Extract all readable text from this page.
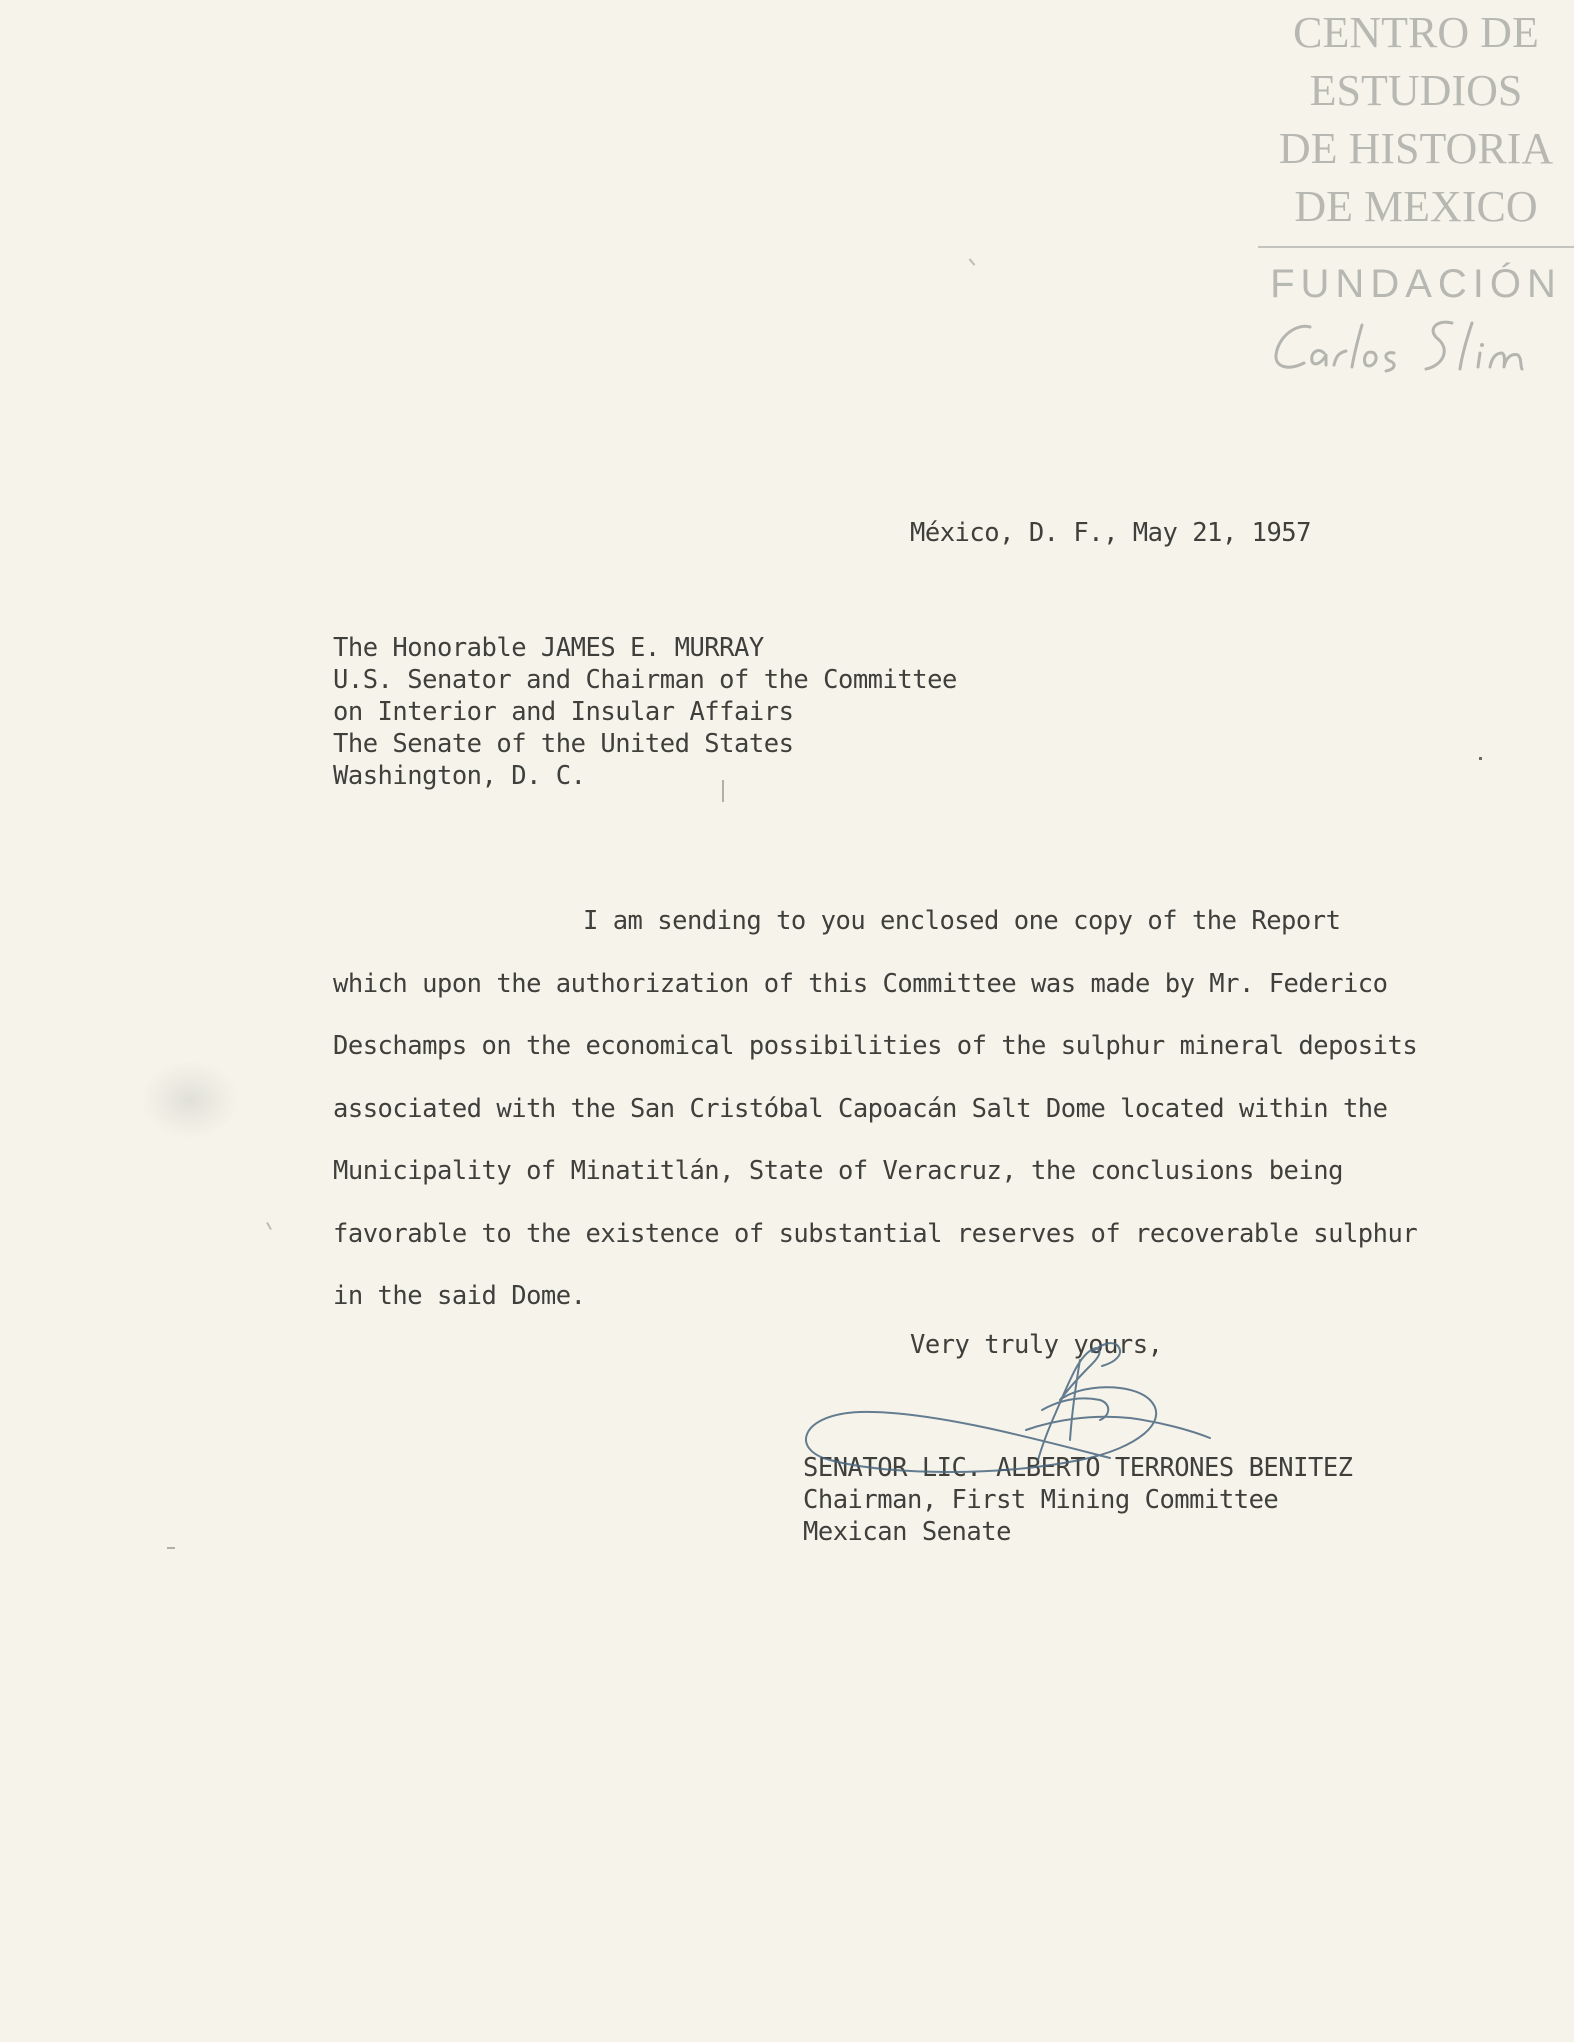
CENTRO DE
ESTUDIOS
DE HISTORIA
DE MEXICO
FUNDACIÓN
México, D. F., May 21, 1957
The Honorable JAMES E. MURRAY
U.S. Senator and Chairman of the Committee
on Interior and Insular Affairs
The Senate of the United States
Washington, D. C.
I am sending to you enclosed one copy of the Report
which upon the authorization of this Committee was made by Mr. Federico
Deschamps on the economical possibilities of the sulphur mineral deposits
associated with the San Cristóbal Capoacán Salt Dome located within the
Municipality of Minatitlán, State of Veracruz, the conclusions being
favorable to the existence of substantial reserves of recoverable sulphur
in the said Dome.
Very truly yours,
SENATOR LIC. ALBERTO TERRONES BENITEZ
Chairman, First Mining Committee
Mexican Senate
